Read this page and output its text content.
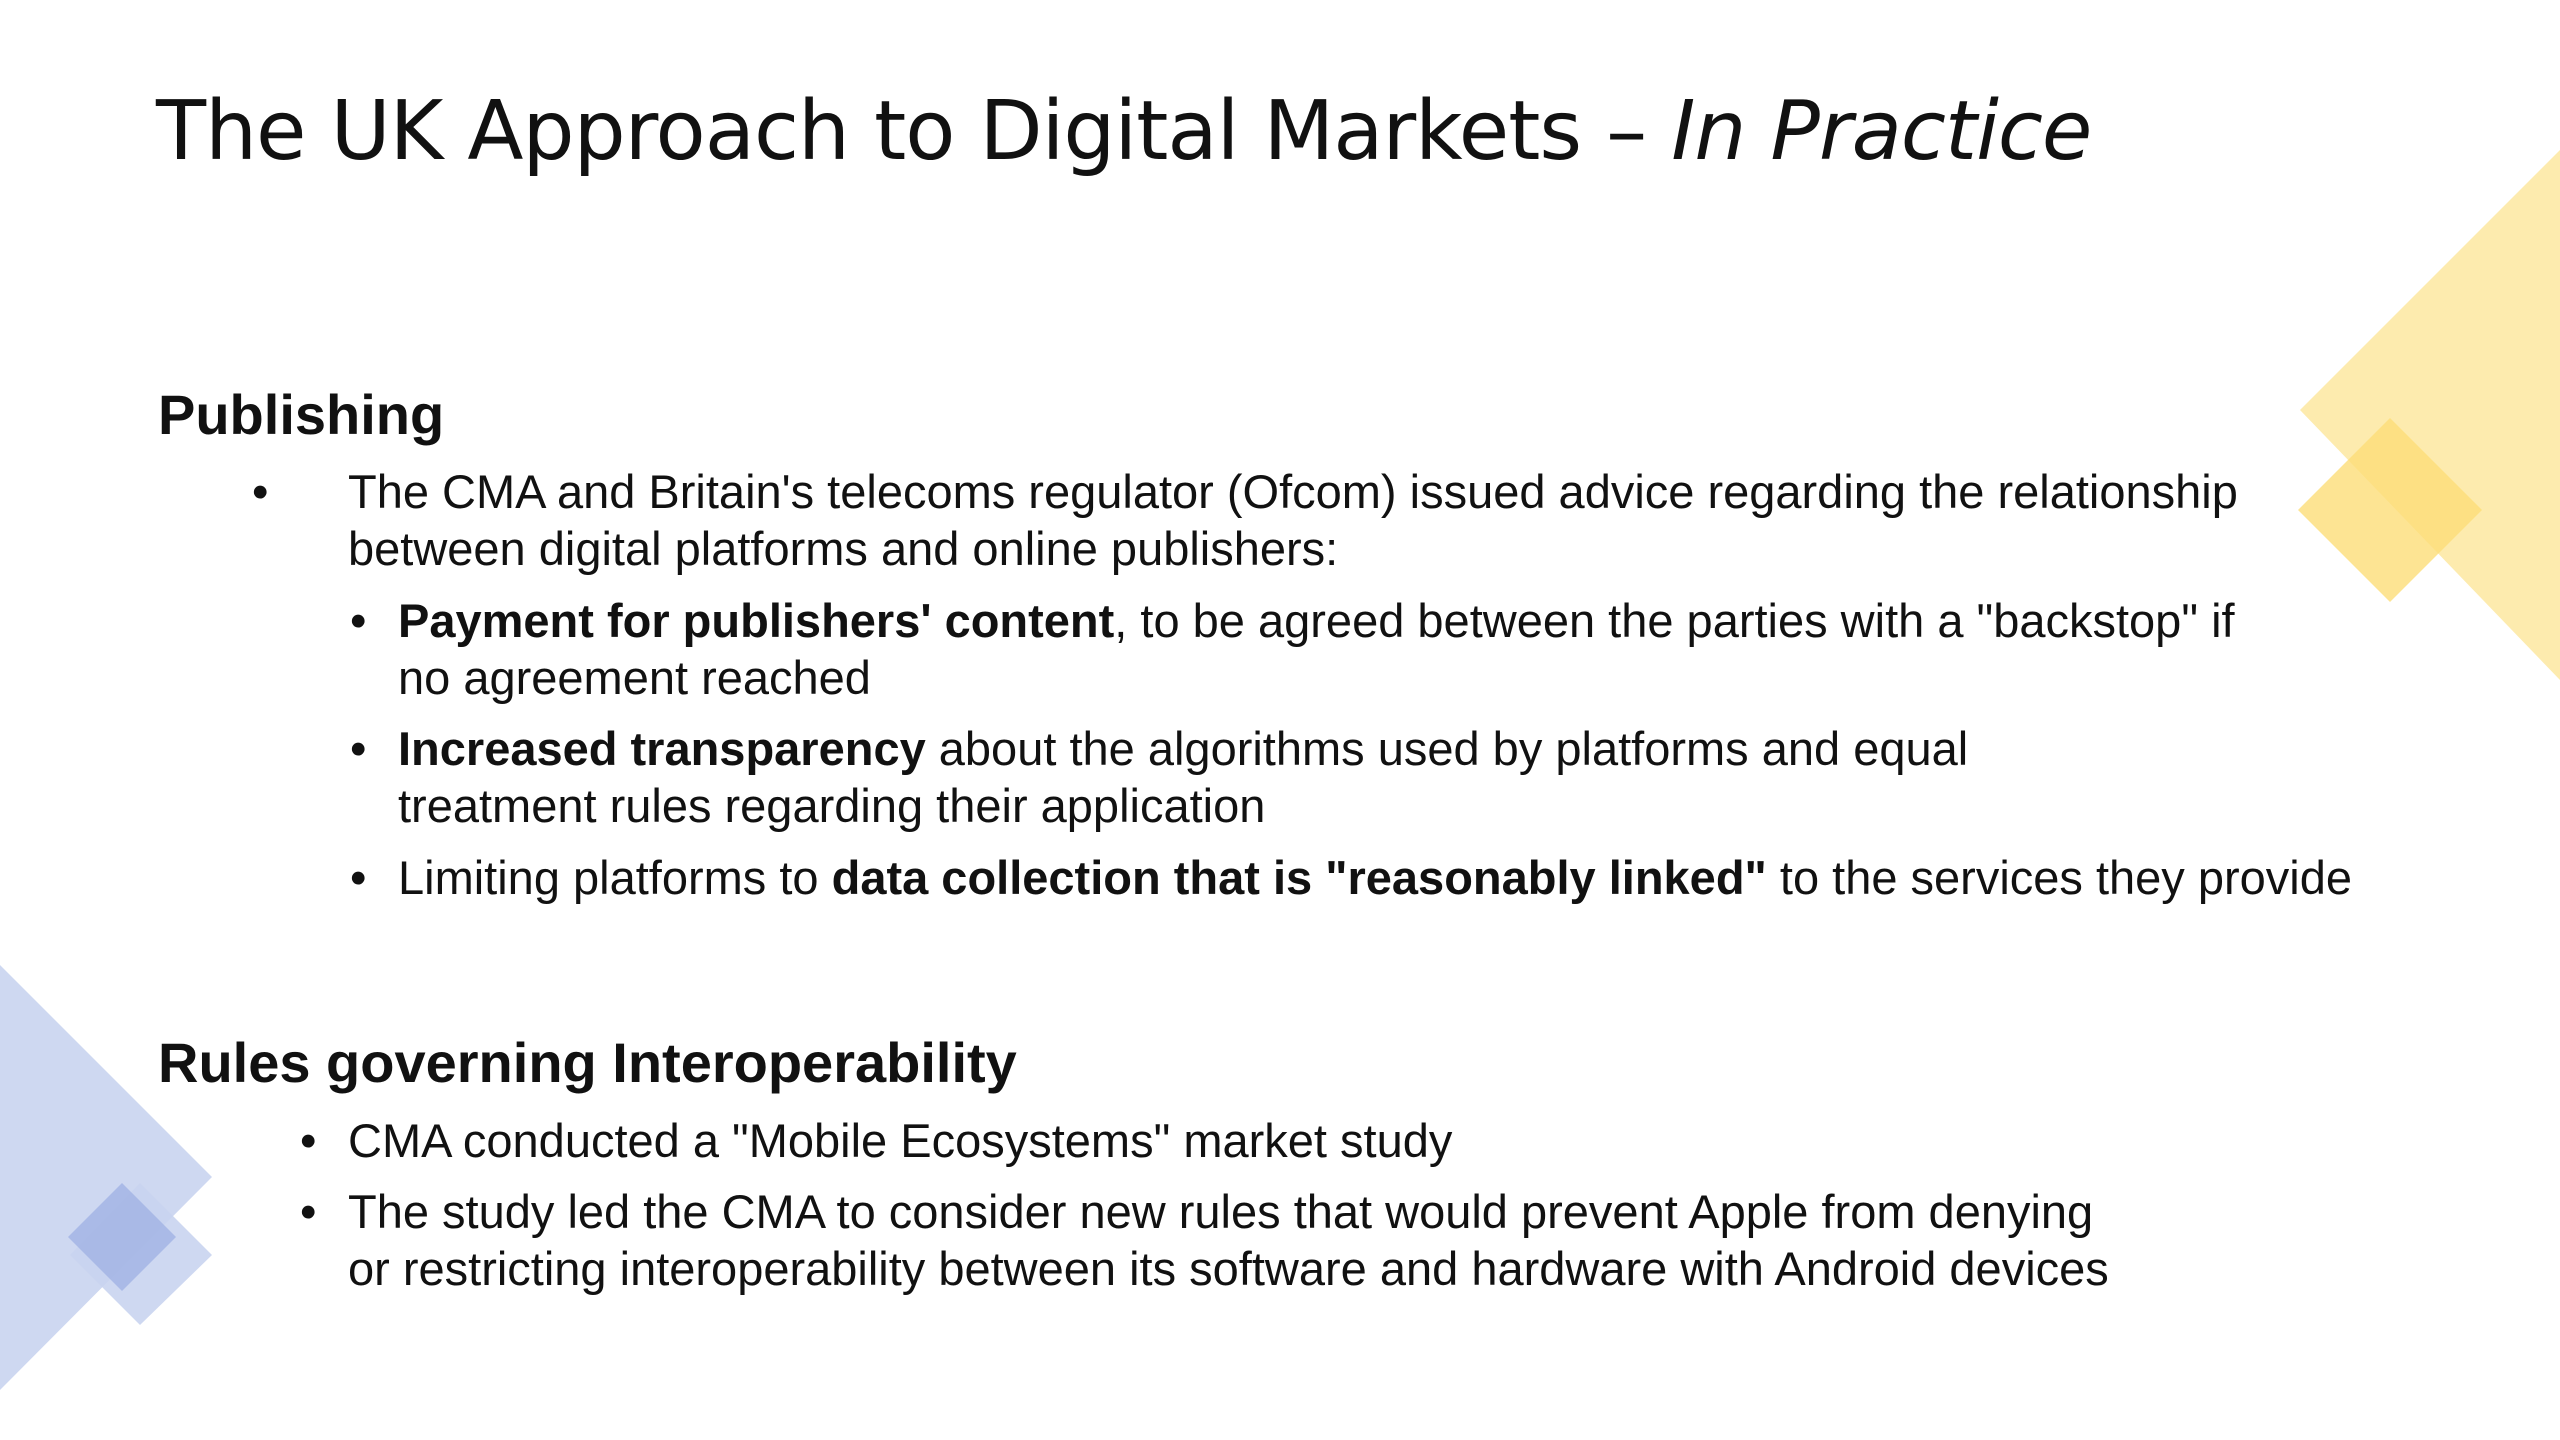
The UK Approach to Digital Markets – In Practice
Publishing
• The CMA and Britain's telecoms regulator (Ofcom) issued advice regarding the relationship
between digital platforms and online publishers:
• Payment for publishers' content, to be agreed between the parties with a "backstop" if
no agreement reached
• Increased transparency about the algorithms used by platforms and equal
treatment rules regarding their application
• Limiting platforms to data collection that is "reasonably linked" to the services they provide
Rules governing Interoperability
• CMA conducted a "Mobile Ecosystems" market study
• The study led the CMA to consider new rules that would prevent Apple from denying
or restricting interoperability between its software and hardware with Android devices
